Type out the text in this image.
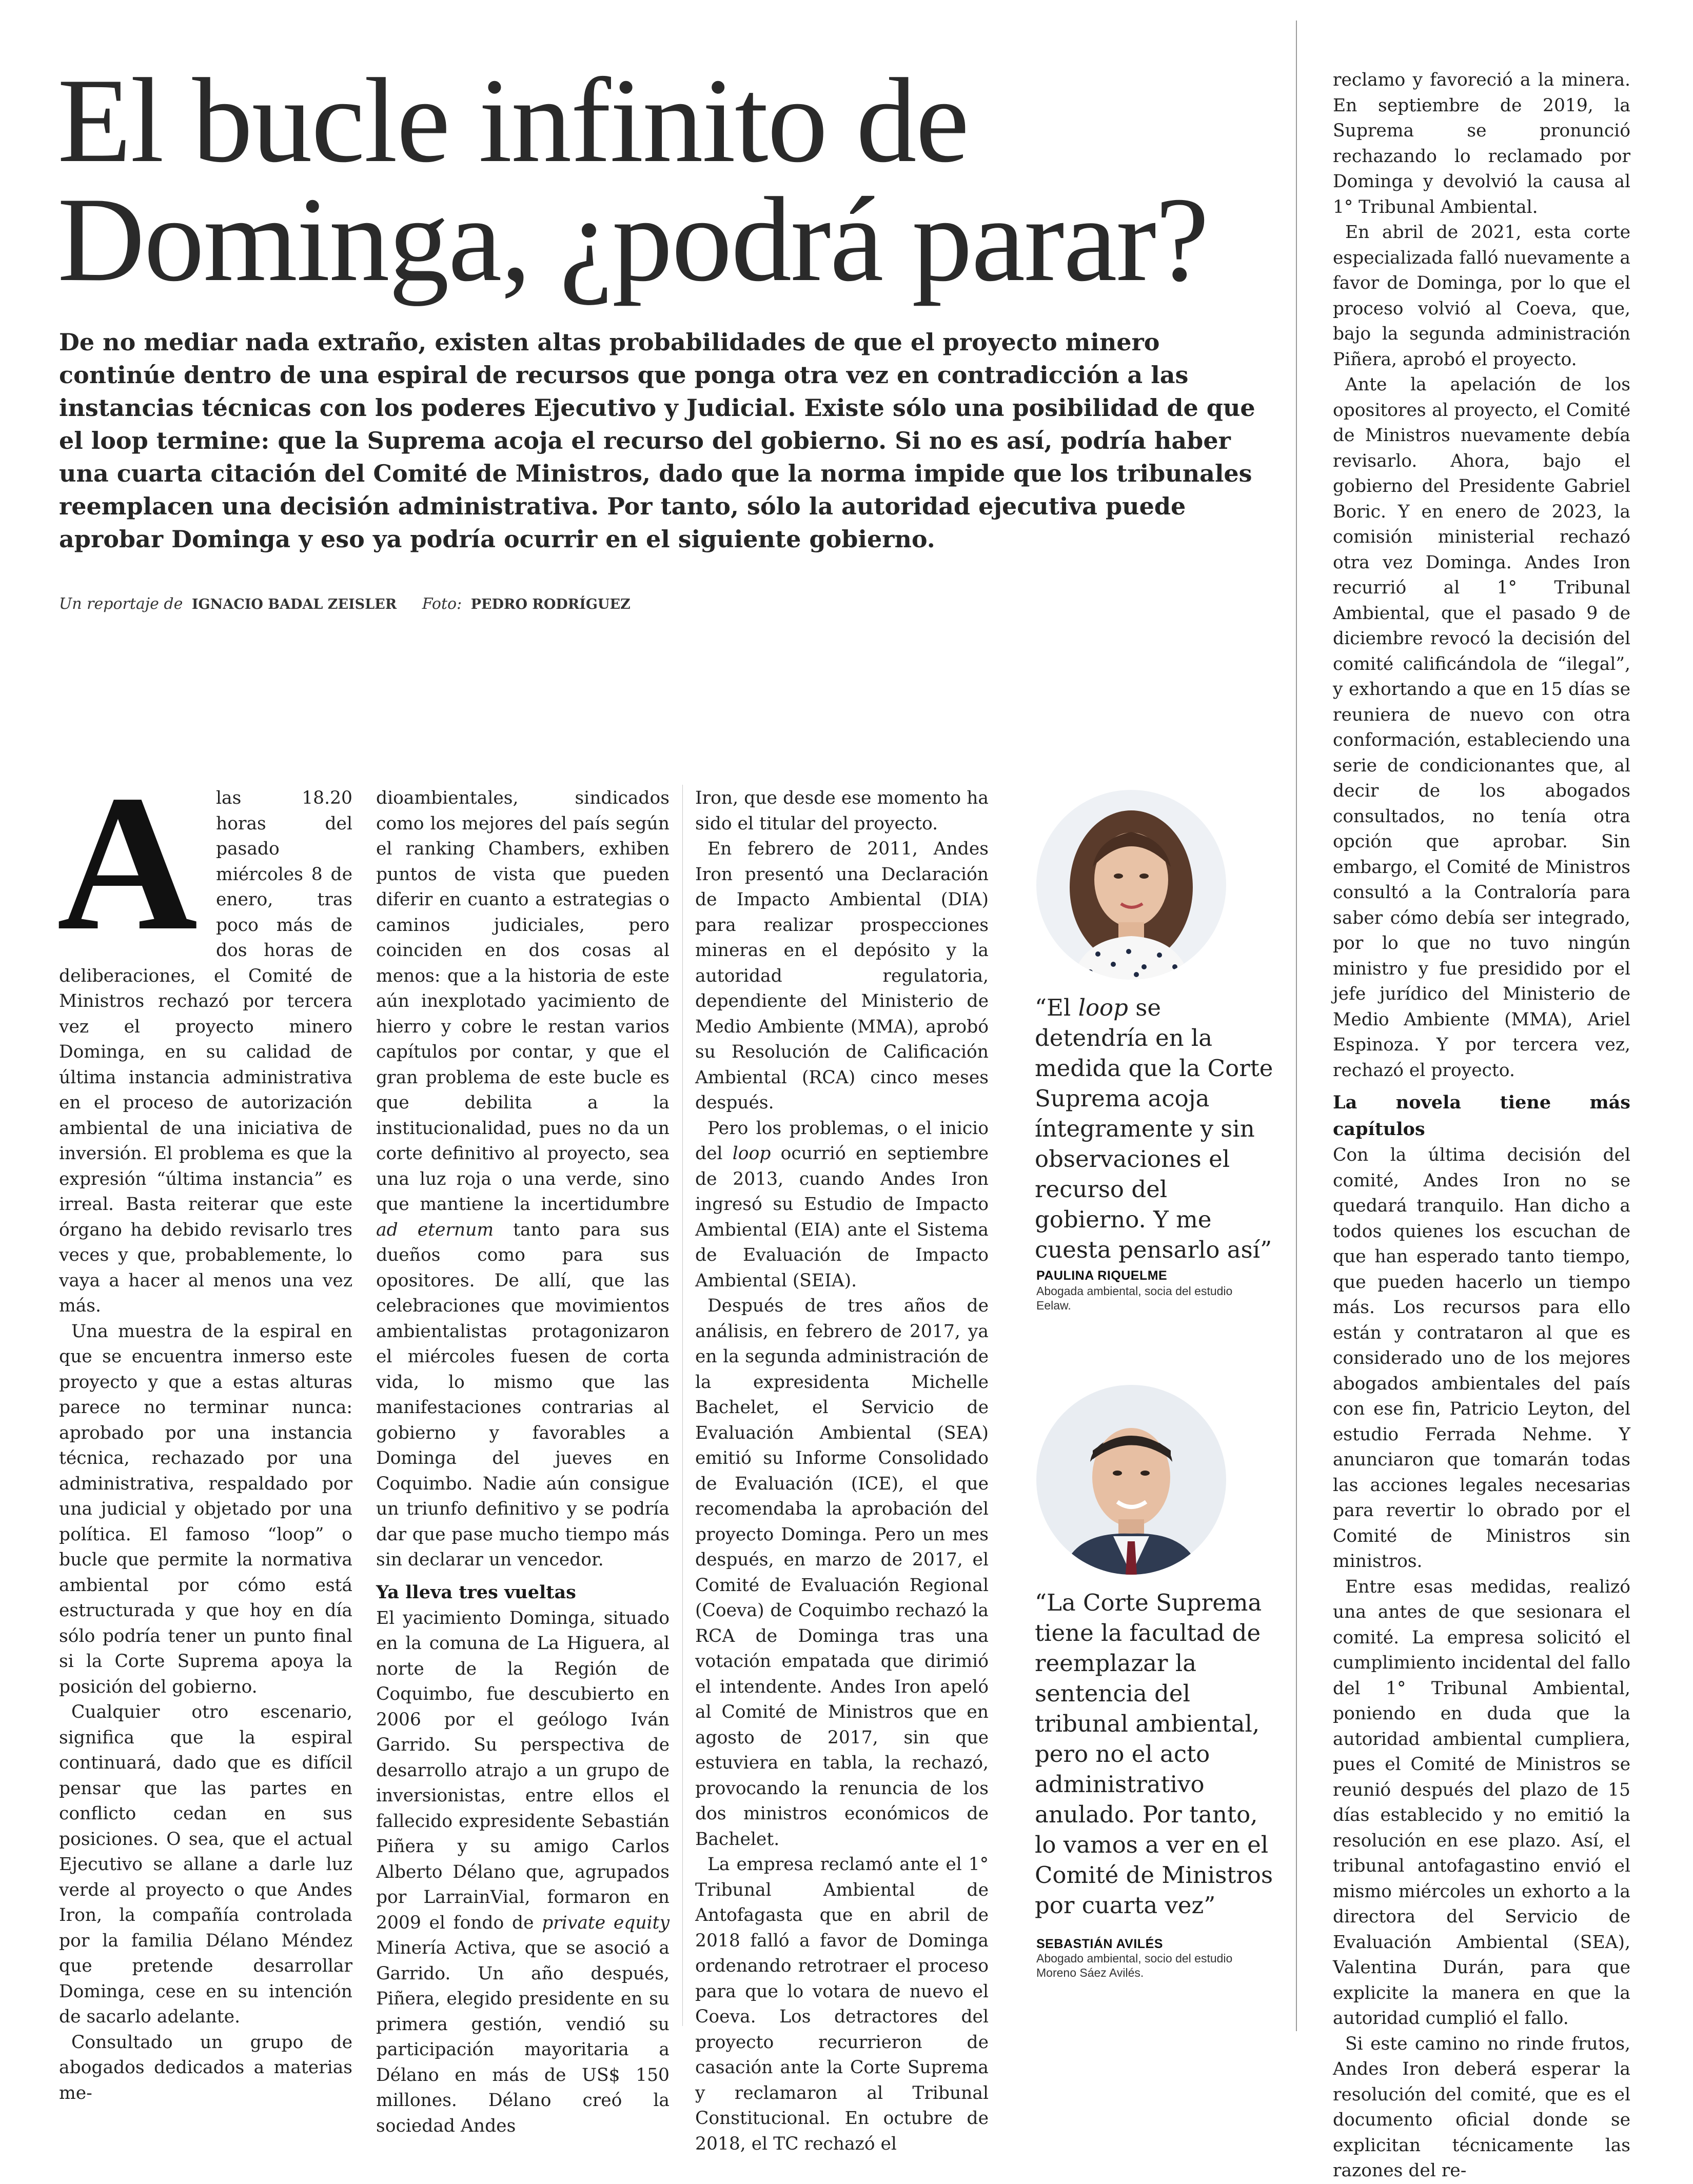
El bucle infinito de
Dominga, ¿podrá parar?

De no mediar nada extraño, existen altas probabilidades de que el proyecto minero continúe dentro de una espiral de recursos que ponga otra vez en contradicción a las instancias técnicas con los poderes Ejecutivo y Judicial. Existe sólo una posibilidad de que el loop termine: que la Suprema acoja el recurso del gobierno. Si no es así, podría haber una cuarta citación del Comité de Ministros, dado que la norma impide que los tribunales reemplacen una decisión administrativa. Por tanto, sólo la autoridad ejecutiva puede aprobar Dominga y eso ya podría ocurrir en el siguiente gobierno.

Un reportaje de IGNACIO BADAL ZEISLER Foto: PEDRO RODRÍGUEZ
A	las 18.20 horas del pasado miércoles 8 de enero, tras poco más de dos horas de deliberaciones, el Comité de Ministros rechazó por tercera vez el proyecto minero Dominga, en su calidad de última instancia administrativa en el proceso de autorización ambiental de una iniciativa de inversión. El problema es que la expresión “última instancia” es irreal. Basta reiterar que este órgano ha debido revisarlo tres veces y que, probablemente, lo vaya a hacer al menos una vez más.

Una muestra de la espiral en que se encuentra inmerso este proyecto y que a estas alturas parece no terminar nunca: aprobado por una instancia técnica, rechazado por una administrativa, respaldado por una judicial y objetado por una política. El famoso “loop” o bucle que permite la normativa ambiental por cómo está estructurada y que hoy en día sólo podría tener un punto final si la Corte Suprema apoya la posición del gobierno.

Cualquier otro escenario, significa que la espiral continuará, dado que es difícil pensar que las partes en conflicto cedan en sus posiciones. O sea, que el actual Ejecutivo se allane a darle luz verde al proyecto o que Andes Iron, la compañía controlada por la familia Délano Méndez que pretende desarrollar Dominga, cese en su intención de sacarlo adelante.

Consultado un grupo de abogados dedicados a materias me-

dioambientales, sindicados como los mejores del país según el ranking Chambers, exhiben puntos de vista que pueden diferir en cuanto a estrategias o caminos judiciales, pero coinciden en dos cosas al menos: que a la historia de este aún inexplotado yacimiento de hierro y cobre le restan varios capítulos por contar, y que el gran problema de este bucle es que debilita a la institucionalidad, pues no da un corte definitivo al proyecto, sea una luz roja o una verde, sino que mantiene la incertidumbre ad eternum tanto para sus dueños como para sus opositores. De allí, que las celebraciones que movimientos ambientalistas protagonizaron el miércoles fuesen de corta vida, lo mismo que las manifestaciones contrarias al gobierno y favorables a Dominga del jueves en Coquimbo. Nadie aún consigue un triunfo definitivo y se podría dar que pase mucho tiempo más sin declarar un vencedor.

Ya lleva tres vueltas

El yacimiento Dominga, situado en la comuna de La Higuera, al norte de la Región de Coquimbo, fue descubierto en 2006 por el geólogo Iván Garrido. Su perspectiva de desarrollo atrajo a un grupo de inversionistas, entre ellos el fallecido expresidente Sebastián Piñera y su amigo Carlos Alberto Délano que, agrupados por LarrainVial, formaron en 2009 el fondo de private equity Minería Activa, que se asoció a Garrido. Un año después, Piñera, elegido presidente en su primera gestión, vendió su participación mayoritaria a Délano en más de US$ 150 millones. Délano creó la sociedad Andes

Iron, que desde ese momento ha sido el titular del proyecto.

En febrero de 2011, Andes Iron presentó una Declaración de Impacto Ambiental (DIA) para realizar prospecciones mineras en el depósito y la autoridad regulatoria, dependiente del Ministerio de Medio Ambiente (MMA), aprobó su Resolución de Calificación Ambiental (RCA) cinco meses después.

Pero los problemas, o el inicio del loop ocurrió en septiembre de 2013, cuando Andes Iron ingresó su Estudio de Impacto Ambiental (EIA) ante el Sistema de Evaluación de Impacto Ambiental (SEIA).

Después de tres años de análisis, en febrero de 2017, ya en la segunda administración de la expresidenta Michelle Bachelet, el Servicio de Evaluación Ambiental (SEA) emitió su Informe Consolidado de Evaluación (ICE), el que recomendaba la aprobación del proyecto Dominga. Pero un mes después, en marzo de 2017, el Comité de Evaluación Regional (Coeva) de Coquimbo rechazó la RCA de Dominga tras una votación empatada que dirimió el intendente. Andes Iron apeló al Comité de Ministros que en agosto de 2017, sin que estuviera en tabla, la rechazó, provocando la renuncia de los dos ministros económicos de Bachelet.

La empresa reclamó ante el 1° Tribunal Ambiental de Antofagasta que en abril de 2018 falló a favor de Dominga ordenando retrotraer el proceso para que lo votara de nuevo el Coeva. Los detractores del proyecto recurrieron de casación ante la Corte Suprema y reclamaron al Tribunal Constitucional. En octubre de 2018, el TC rechazó el

“El loop se detendría en la medida que la Corte Suprema acoja íntegramente y sin observaciones el recurso del gobierno. Y me cuesta pensarlo así”

PAULINA RIQUELME
Abogada ambiental, socia del estudio Eelaw.

“La Corte Suprema tiene la facultad de reemplazar la sentencia del tribunal ambiental, pero no el acto administrativo anulado. Por tanto, lo vamos a ver en el Comité de Ministros por cuarta vez”

SEBASTIÁN AVILÉS
Abogado ambiental, socio del estudio Moreno Sáez Avilés.

reclamo y favoreció a la minera. En septiembre de 2019, la Suprema se pronunció rechazando lo reclamado por Dominga y devolvió la causa al 1° Tribunal Ambiental.

En abril de 2021, esta corte especializada falló nuevamente a favor de Dominga, por lo que el proceso volvió al Coeva, que, bajo la segunda administración Piñera, aprobó el proyecto.

Ante la apelación de los opositores al proyecto, el Comité de Ministros nuevamente debía revisarlo. Ahora, bajo el gobierno del Presidente Gabriel Boric. Y en enero de 2023, la comisión ministerial rechazó otra vez Dominga. Andes Iron recurrió al 1° Tribunal Ambiental, que el pasado 9 de diciembre revocó la decisión del comité calificándola de “ilegal”, y exhortando a que en 15 días se reuniera de nuevo con otra conformación, estableciendo una serie de condicionantes que, al decir de los abogados consultados, no tenía otra opción que aprobar. Sin embargo, el Comité de Ministros consultó a la Contraloría para saber cómo debía ser integrado, por lo que no tuvo ningún ministro y fue presidido por el jefe jurídico del Ministerio de Medio Ambiente (MMA), Ariel Espinoza. Y por tercera vez, rechazó el proyecto.

La novela tiene más capítulos

Con la última decisión del comité, Andes Iron no se quedará tranquilo. Han dicho a todos quienes los escuchan de que han esperado tanto tiempo, que pueden hacerlo un tiempo más. Los recursos para ello están y contrataron al que es considerado uno de los mejores abogados ambientales del país con ese fin, Patricio Leyton, del estudio Ferrada Nehme. Y anunciaron que tomarán todas las acciones legales necesarias para revertir lo obrado por el Comité de Ministros sin ministros.

Entre esas medidas, realizó una antes de que sesionara el comité. La empresa solicitó el cumplimiento incidental del fallo del 1° Tribunal Ambiental, poniendo en duda que la autoridad ambiental cumpliera, pues el Comité de Ministros se reunió después del plazo de 15 días establecido y no emitió la resolución en ese plazo. Así, el tribunal antofagastino envió el mismo miércoles un exhorto a la directora del Servicio de Evaluación Ambiental (SEA), Valentina Durán, para que explicite la manera en que la autoridad cumplió el fallo.

Si este camino no rinde frutos, Andes Iron deberá esperar la resolución del comité, que es el documento oficial donde se explicitan técnicamente las razones del re-
